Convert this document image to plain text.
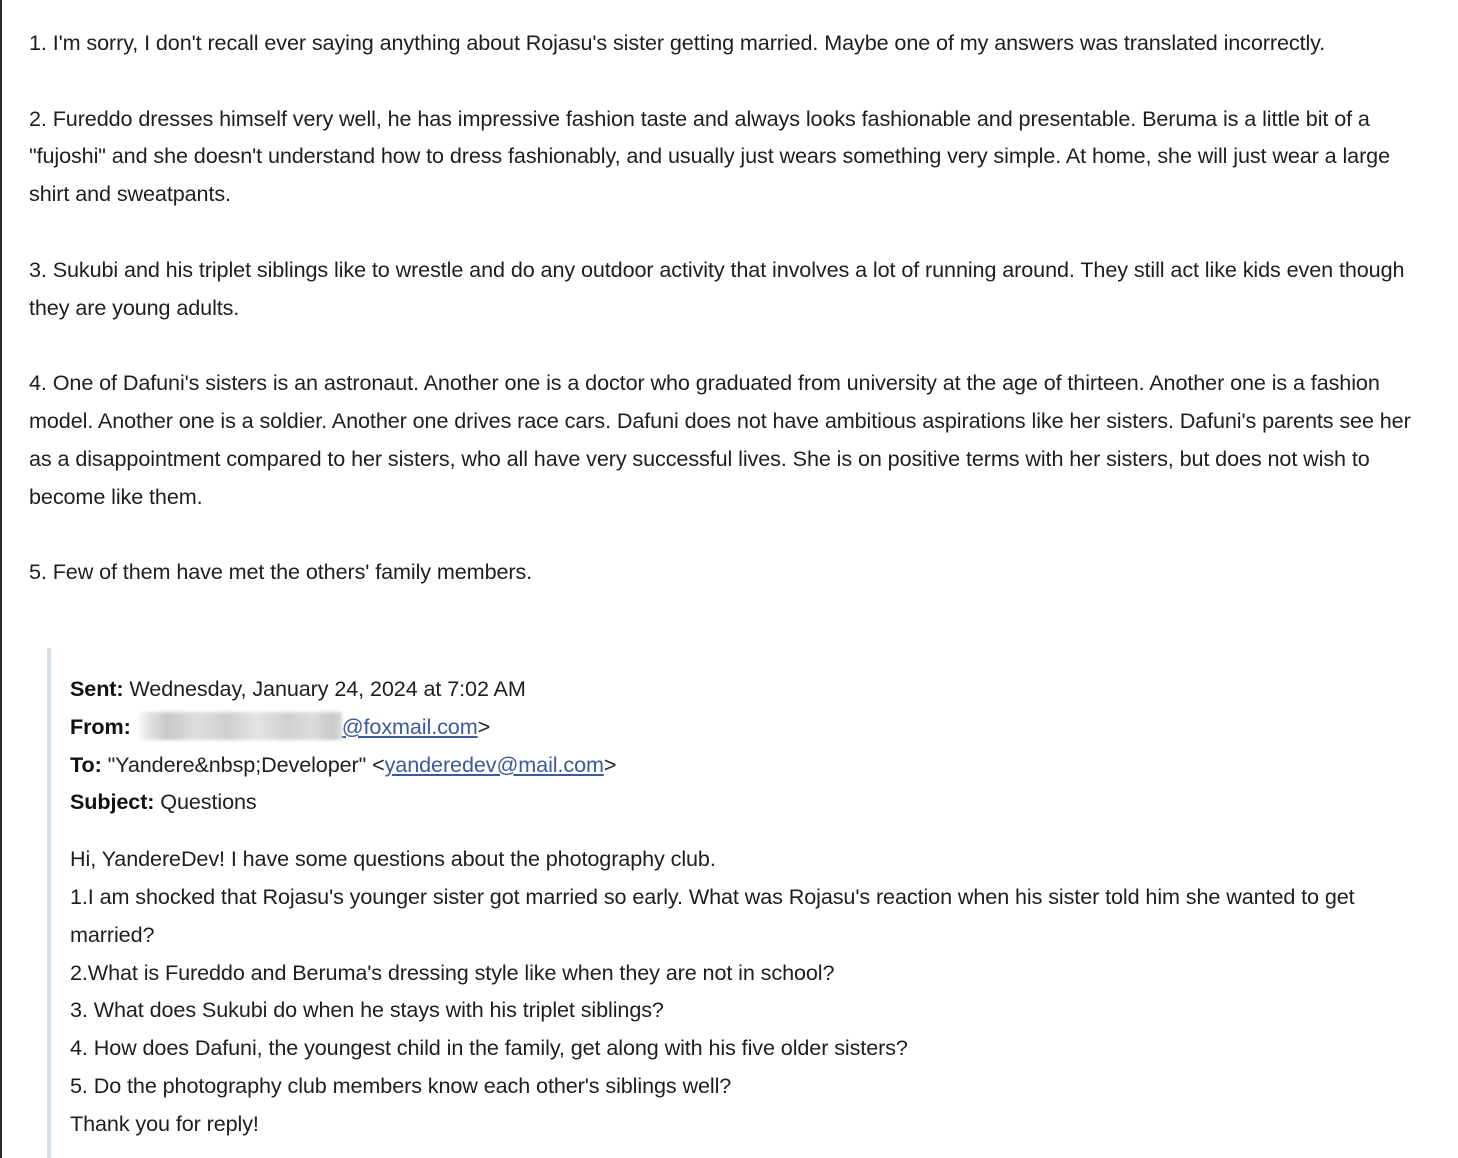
1. I'm sorry, I don't recall ever saying anything about Rojasu's sister getting married. Maybe one of my answers was translated incorrectly.

2. Fureddo dresses himself very well, he has impressive fashion taste and always looks fashionable and presentable. Beruma is a little bit of a "fujoshi" and she doesn't understand how to dress fashionably, and usually just wears something very simple. At home, she will just wear a large shirt and sweatpants.

3. Sukubi and his triplet siblings like to wrestle and do any outdoor activity that involves a lot of running around. They still act like kids even though they are young adults.

4. One of Dafuni's sisters is an astronaut. Another one is a doctor who graduated from university at the age of thirteen. Another one is a fashion model. Another one is a soldier. Another one drives race cars. Dafuni does not have ambitious aspirations like her sisters. Dafuni's parents see her as a disappointment compared to her sisters, who all have very successful lives. She is on positive terms with her sisters, but does not wish to become like them.

5. Few of them have met the others' family members.

Sent: Wednesday, January 24, 2024 at 7:02 AM
From:	@foxmail.com>
To: "Yandere&nbsp;Developer" <yanderedev@mail.com>
Subject: Questions

Hi, YandereDev! I have some questions about the photography club.

1.I am shocked that Rojasu's younger sister got married so early. What was Rojasu's reaction when his sister told him she wanted to get married?

2.What is Fureddo and Beruma's dressing style like when they are not in school?

3. What does Sukubi do when he stays with his triplet siblings?

4. How does Dafuni, the youngest child in the family, get along with his five older sisters?

5. Do the photography club members know each other's siblings well?

Thank you for reply!
